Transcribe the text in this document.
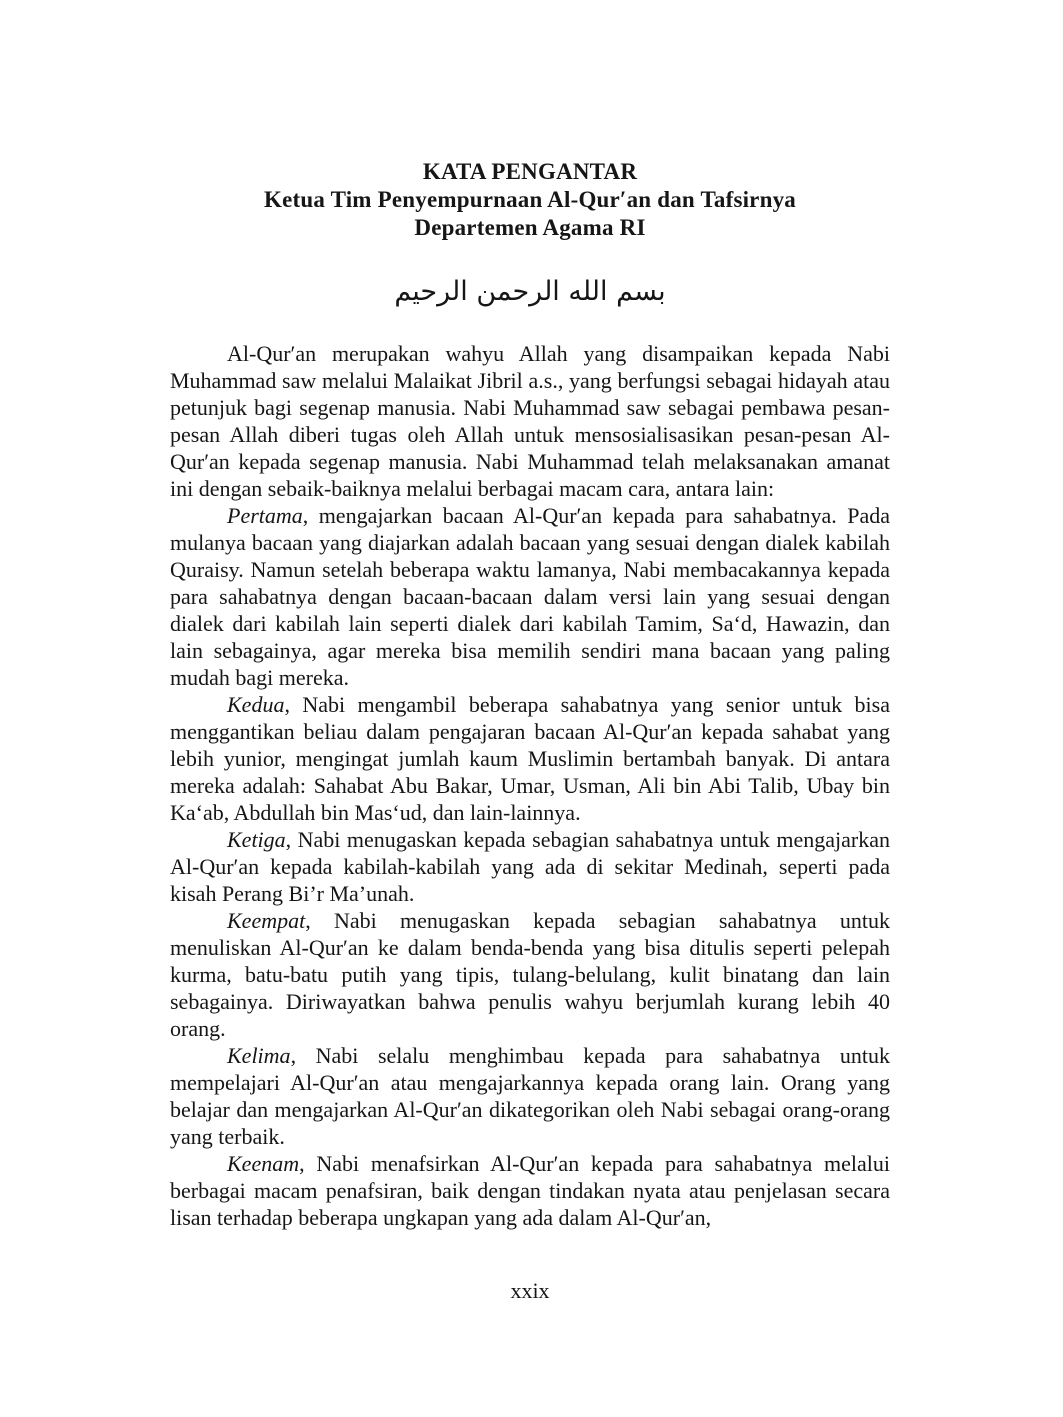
KATA PENGANTAR
Ketua Tim Penyempurnaan Al-Qur′an dan Tafsirnya
Departemen Agama RI
بسم الله الرحمن الرحيم

Al-Qur′an merupakan wahyu Allah yang disampaikan kepada Nabi Muhammad saw melalui Malaikat Jibril a.s., yang berfungsi sebagai hidayah atau petunjuk bagi segenap manusia. Nabi Muhammad saw sebagai pembawa pesan-pesan Allah diberi tugas oleh Allah untuk mensosialisasikan pesan-pesan Al-Qur′an kepada segenap manusia. Nabi Muhammad telah melaksanakan amanat ini dengan sebaik-baiknya melalui berbagai macam cara, antara lain:

Pertama, mengajarkan bacaan Al-Qur′an kepada para sahabatnya. Pada mulanya bacaan yang diajarkan adalah bacaan yang sesuai dengan dialek kabilah Quraisy. Namun setelah beberapa waktu lamanya, Nabi membacakannya kepada para sahabatnya dengan bacaan-bacaan dalam versi lain yang sesuai dengan dialek dari kabilah lain seperti dialek dari kabilah Tamim, Sa‘d, Hawazin, dan lain sebagainya, agar mereka bisa memilih sendiri mana bacaan yang paling mudah bagi mereka.

Kedua, Nabi mengambil beberapa sahabatnya yang senior untuk bisa menggantikan beliau dalam pengajaran bacaan Al-Qur′an kepada sahabat yang lebih yunior, mengingat jumlah kaum Muslimin bertambah banyak. Di antara mereka adalah: Sahabat Abu Bakar, Umar, Usman, Ali bin Abi Talib, Ubay bin Ka‘ab, Abdullah bin Mas‘ud, dan lain-lainnya.

Ketiga, Nabi menugaskan kepada sebagian sahabatnya untuk mengajarkan Al-Qur′an kepada kabilah-kabilah yang ada di sekitar Medinah, seperti pada kisah Perang Bi’r Ma’unah.

Keempat, Nabi menugaskan kepada sebagian sahabatnya untuk menuliskan Al-Qur′an ke dalam benda-benda yang bisa ditulis seperti pelepah kurma, batu-batu putih yang tipis, tulang-belulang, kulit binatang dan lain sebagainya. Diriwayatkan bahwa penulis wahyu berjumlah kurang lebih 40 orang.

Kelima, Nabi selalu menghimbau kepada para sahabatnya untuk mempelajari Al-Qur′an atau mengajarkannya kepada orang lain. Orang yang belajar dan mengajarkan Al-Qur′an dikategorikan oleh Nabi sebagai orang-orang yang terbaik.

Keenam, Nabi menafsirkan Al-Qur′an kepada para sahabatnya melalui berbagai macam penafsiran, baik dengan tindakan nyata atau penjelasan secara lisan terhadap beberapa ungkapan yang ada dalam Al-Qur′an,

xxix
